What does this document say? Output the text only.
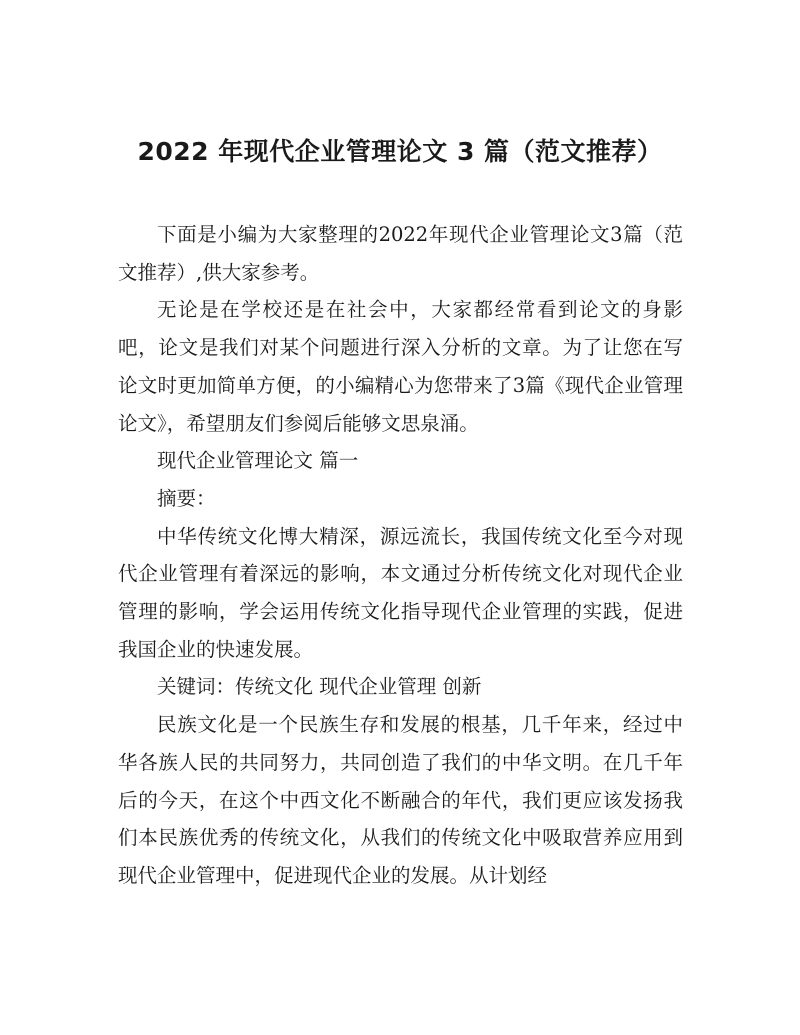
2022 年现代企业管理论文 3 篇（范文推荐）

下面是小编为大家整理的2022年现代企业管理论文3篇（范文推荐）,供大家参考。

无论是在学校还是在社会中，大家都经常看到论文的身影吧，论文是我们对某个问题进行深入分析的文章。为了让您在写论文时更加简单方便，的小编精心为您带来了3篇《现代企业管理论文》，希望朋友们参阅后能够文思泉涌。

现代企业管理论文 篇一

摘要：

中华传统文化博大精深，源远流长，我国传统文化至今对现代企业管理有着深远的影响，本文通过分析传统文化对现代企业管理的影响，学会运用传统文化指导现代企业管理的实践，促进我国企业的快速发展。

关键词：传统文化 现代企业管理 创新

民族文化是一个民族生存和发展的根基，几千年来，经过中华各族人民的共同努力，共同创造了我们的中华文明。在几千年后的今天，在这个中西文化不断融合的年代，我们更应该发扬我们本民族优秀的传统文化，从我们的传统文化中吸取营养应用到现代企业管理中，促进现代企业的发展。从计划经
